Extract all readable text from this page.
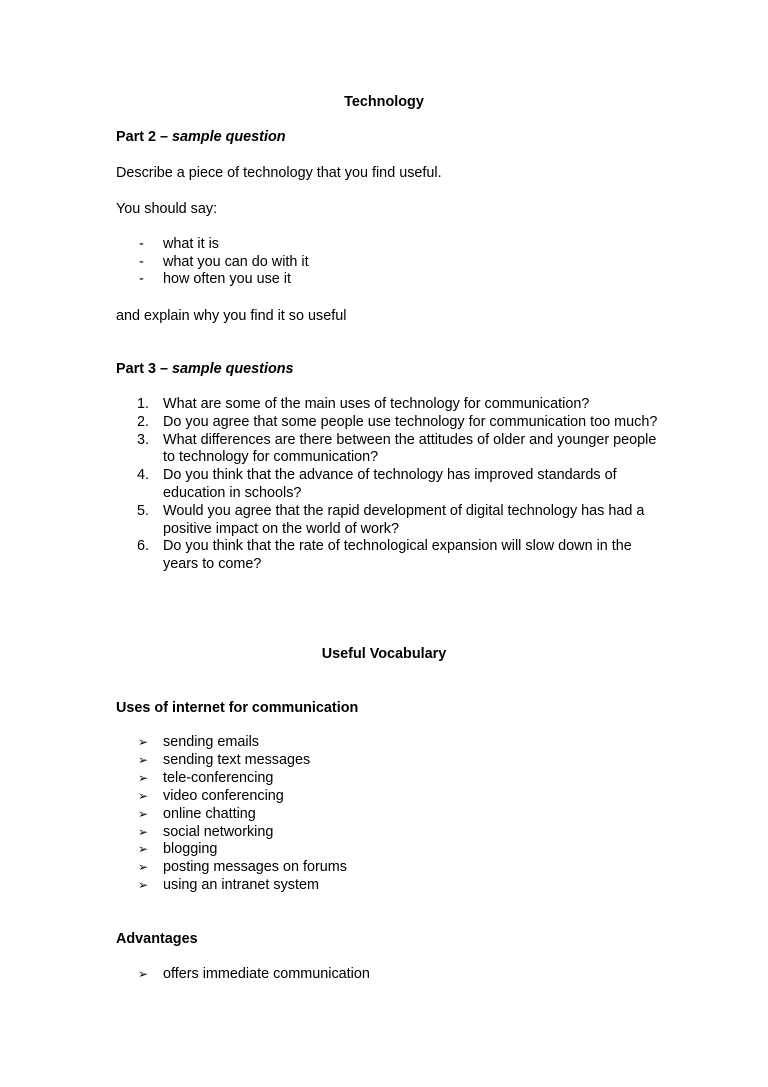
Technology
Part 2 – sample question
Describe a piece of technology that you find useful.
You should say:
- what it is
- what you can do with it
- how often you use it
and explain why you find it so useful
Part 3 – sample questions
1. What are some of the main uses of technology for communication?
2. Do you agree that some people use technology for communication too much?
3. What differences are there between the attitudes of older and younger people to technology for communication?
4. Do you think that the advance of technology has improved standards of education in schools?
5. Would you agree that the rapid development of digital technology has had a positive impact on the world of work?
6. Do you think that the rate of technological expansion will slow down in the years to come?
Useful Vocabulary
Uses of internet for communication
➢ sending emails
➢ sending text messages
➢ tele-conferencing
➢ video conferencing
➢ online chatting
➢ social networking
➢ blogging
➢ posting messages on forums
➢ using an intranet system
Advantages
➢ offers immediate communication
